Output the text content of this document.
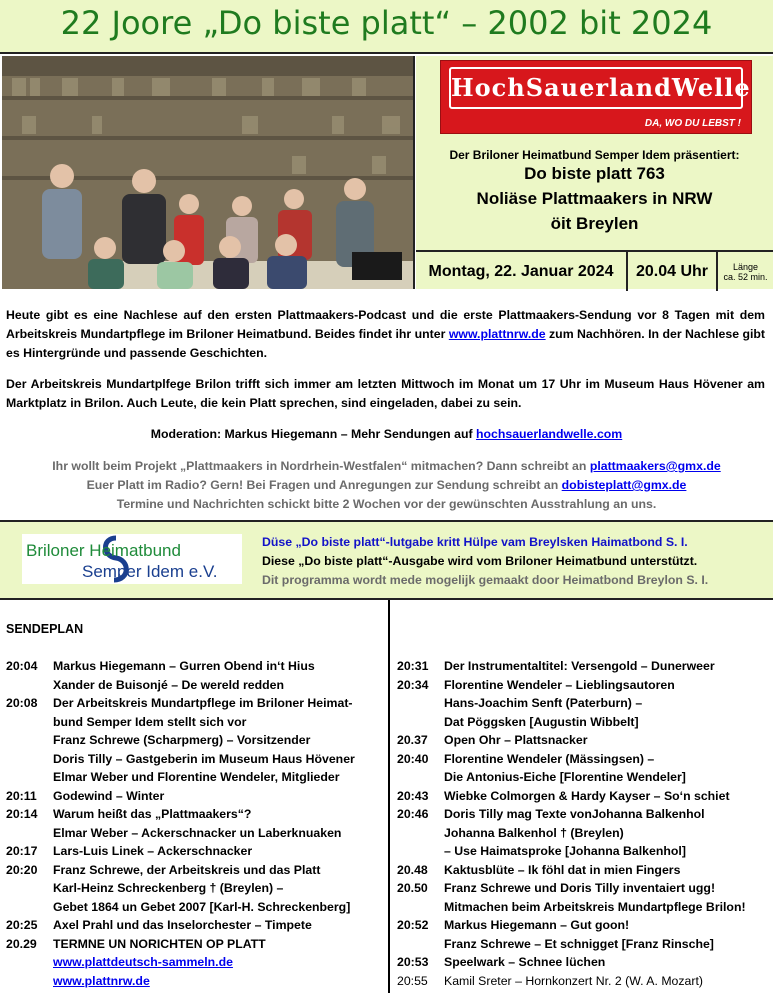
22 Joore „Do biste platt“ – 2002 bit 2024
HochSauerlandWelle
DA, WO DU LEBST !
Der Briloner Heimatbund Semper Idem präsentiert:
Do biste platt 763
Noliäse Plattmaakers in NRW
öit Breylen
Montag, 22. Januar 2024	20.04 Uhr	Länge
ca. 52 min.
Heute gibt es eine Nachlese auf den ersten Plattmaakers-Podcast und die erste Plattmaakers-Sendung vor 8 Tagen mit dem Arbeitskreis Mundartpflege im Briloner Heimatbund. Beides findet ihr unter www.plattnrw.de zum Nachhören. In der Nachlese gibt es Hintergründe und passende Geschichten.
Der Arbeitskreis Mundartplfege Brilon trifft sich immer am letzten Mittwoch im Monat um 17 Uhr im Museum Haus Hövener am Marktplatz in Brilon. Auch Leute, die kein Platt sprechen, sind eingeladen, dabei zu sein.
Moderation: Markus Hiegemann – Mehr Sendungen auf hochsauerlandwelle.com
Ihr wollt beim Projekt „Plattmaakers in Nordrhein-Westfalen“ mitmachen? Dann schreibt an plattmaakers@gmx.de
Euer Platt im Radio? Gern! Bei Fragen und Anregungen zur Sendung schreibt an dobisteplatt@gmx.de
Termine und Nachrichten schickt bitte 2 Wochen vor der gewünschten Ausstrahlung an uns.
Briloner Heimatbund
Semper Idem e.V.
Düse „Do biste platt“-lutgabe kritt Hülpe vam Breylsken Haimatbond S. I.
Diese „Do biste platt“-Ausgabe wird vom Briloner Heimatbund unterstützt.
Dit programma wordt mede mogelijk gemaakt door Heimatbond Breylon S. I.
SENDEPLAN
20:04 Markus Hiegemann – Gurren Obend in‘t Hius
Xander de Buisonjé – De wereld redden
20:08 Der Arbeitskreis Mundartpflege im Briloner Heimat-
bund Semper Idem stellt sich vor
Franz Schrewe (Scharpmerg) – Vorsitzender
Doris Tilly – Gastgeberin im Museum Haus Hövener
Elmar Weber und Florentine Wendeler, Mitglieder
20:11 Godewind – Winter
20:14 Warum heißt das „Plattmaakers“?
Elmar Weber – Ackerschnacker un Laberknuaken
20:17 Lars-Luis Linek – Ackerschnacker
20:20 Franz Schrewe, der Arbeitskreis und das Platt
Karl-Heinz Schreckenberg † (Breylen) –
Gebet 1864 un Gebet 2007 [Karl-H. Schreckenberg]
20:25 Axel Prahl und das Inselorchester – Timpete
20.29 TERMNE UN NORICHTEN OP PLATT
www.plattdeutsch-sammeln.de
www.plattnrw.de
20:31 Der Instrumentaltitel: Versengold – Dunerweer
20:34 Florentine Wendeler – Lieblingsautoren
Hans-Joachim Senft (Paterburn) –
Dat Pöggsken [Augustin Wibbelt]
20.37 Open Ohr – Plattsnacker
20:40 Florentine Wendeler (Mässingsen) –
Die Antonius-Eiche [Florentine Wendeler]
20:43 Wiebke Colmorgen & Hardy Kayser – So‘n schiet
20:46 Doris Tilly mag Texte vonJohanna Balkenhol
Johanna Balkenhol † (Breylen)
– Use Haimatsproke [Johanna Balkenhol]
20.48 Kaktusblüte – Ik föhl dat in mien Fingers
20.50 Franz Schrewe und Doris Tilly inventaiert ugg!
Mitmachen beim Arbeitskreis Mundartpflege Brilon!
20:52 Markus Hiegemann – Gut goon!
Franz Schrewe – Et schnigget [Franz Rinsche]
20:53 Speelwark – Schnee lüchen
20:55 Kamil Sreter – Hornkonzert Nr. 2 (W. A. Mozart)
